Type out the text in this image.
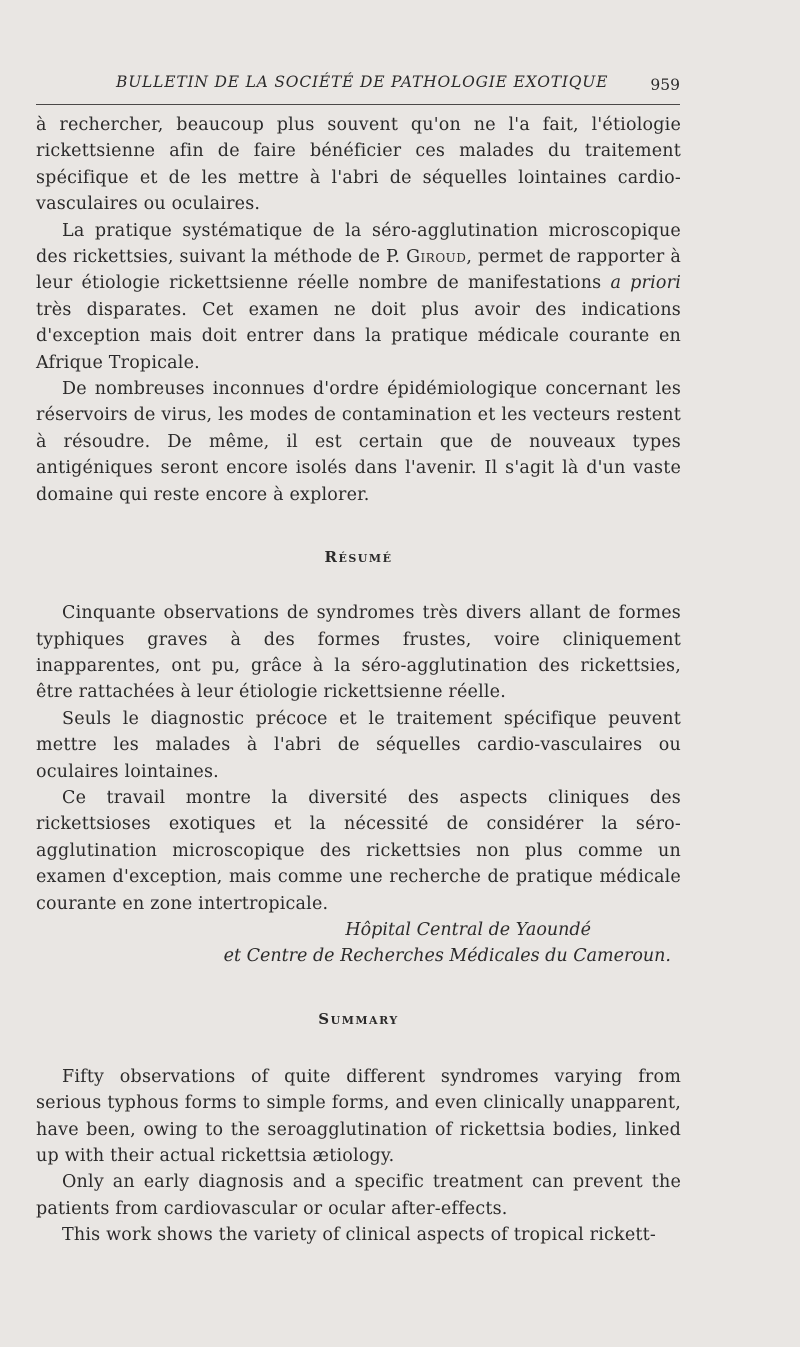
BULLETIN DE LA SOCIÉTÉ DE PATHOLOGIE EXOTIQUE	959

à rechercher, beaucoup plus souvent qu'on ne l'a fait, l'étiologie rickettsienne afin de faire bénéficier ces malades du traitement spécifique et de les mettre à l'abri de séquelles lointaines cardio-vasculaires ou oculaires.

La pratique systématique de la séro-agglutination microscopique des rickettsies, suivant la méthode de P. Giroud, permet de rapporter à leur étiologie rickettsienne réelle nombre de manifestations a priori très disparates. Cet examen ne doit plus avoir des indications d'exception mais doit entrer dans la pratique médicale courante en Afrique Tropicale.

De nombreuses inconnues d'ordre épidémiologique concernant les réservoirs de virus, les modes de contamination et les vecteurs restent à résoudre. De même, il est certain que de nouveaux types antigéniques seront encore isolés dans l'avenir. Il s'agit là d'un vaste domaine qui reste encore à explorer.

Résumé

Cinquante observations de syndromes très divers allant de formes typhiques graves à des formes frustes, voire cliniquement inapparentes, ont pu, grâce à la séro-agglutination des rickettsies, être rattachées à leur étiologie rickettsienne réelle.

Seuls le diagnostic précoce et le traitement spécifique peuvent mettre les malades à l'abri de séquelles cardio-vasculaires ou oculaires lointaines.

Ce travail montre la diversité des aspects cliniques des rickettsioses exotiques et la nécessité de considérer la séro-agglutination microscopique des rickettsies non plus comme un examen d'exception, mais comme une recherche de pratique médicale courante en zone intertropicale.

Hôpital Central de Yaoundé
et Centre de Recherches Médicales du Cameroun.
Summary

Fifty observations of quite different syndromes varying from serious typhous forms to simple forms, and even clinically unapparent, have been, owing to the seroagglutination of rickettsia bodies, linked up with their actual rickettsia ætiology.

Only an early diagnosis and a specific treatment can prevent the patients from cardiovascular or ocular after-effects.

This work shows the variety of clinical aspects of tropical rickett-
